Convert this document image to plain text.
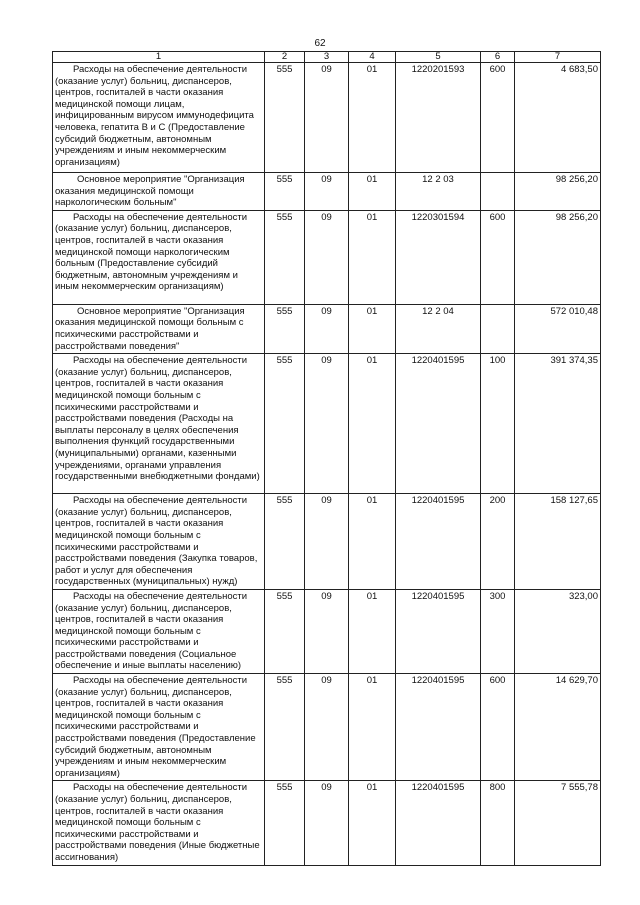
62
1	2	3	4	5	6	7
Расходы на обеспечение деятельности (оказание услуг) больниц, диспансеров, центров, госпиталей в части оказания медицинской помощи лицам, инфицированным вирусом иммунодефицита человека, гепатита В и С (Предоставление субсидий бюджетным, автономным учреждениям и иным некоммерческим организациям)	555	09	01	1220201593	600	4 683,50
Основное мероприятие "Организация оказания медицинской помощи наркологическим больным"	555	09	01	12 2 03		98 256,20
Расходы на обеспечение деятельности (оказание услуг) больниц, диспансеров, центров, госпиталей в части оказания медицинской помощи наркологическим больным (Предоставление субсидий бюджетным, автономным учреждениям и иным некоммерческим организациям)	555	09	01	1220301594	600	98 256,20
Основное мероприятие "Организация оказания медицинской помощи больным с психическими расстройствами и расстройствами поведения"	555	09	01	12 2 04		572 010,48
Расходы на обеспечение деятельности (оказание услуг) больниц, диспансеров, центров, госпиталей в части оказания медицинской помощи больным с психическими расстройствами и расстройствами поведения (Расходы на выплаты персоналу в целях обеспечения выполнения функций государственными (муниципальными) органами, казенными учреждениями, органами управления государственными внебюджетными фондами)	555	09	01	1220401595	100	391 374,35
Расходы на обеспечение деятельности (оказание услуг) больниц, диспансеров, центров, госпиталей в части оказания медицинской помощи больным с психическими расстройствами и расстройствами поведения (Закупка товаров, работ и услуг для обеспечения государственных (муниципальных) нужд)	555	09	01	1220401595	200	158 127,65
Расходы на обеспечение деятельности (оказание услуг) больниц, диспансеров, центров, госпиталей в части оказания медицинской помощи больным с психическими расстройствами и расстройствами поведения (Социальное обеспечение и иные выплаты населению)	555	09	01	1220401595	300	323,00
Расходы на обеспечение деятельности (оказание услуг) больниц, диспансеров, центров, госпиталей в части оказания медицинской помощи больным с психическими расстройствами и расстройствами поведения (Предоставление субсидий бюджетным, автономным учреждениям и иным некоммерческим организациям)	555	09	01	1220401595	600	14 629,70
Расходы на обеспечение деятельности (оказание услуг) больниц, диспансеров, центров, госпиталей в части оказания медицинской помощи больным с психическими расстройствами и расстройствами поведения (Иные бюджетные ассигнования)	555	09	01	1220401595	800	7 555,78
